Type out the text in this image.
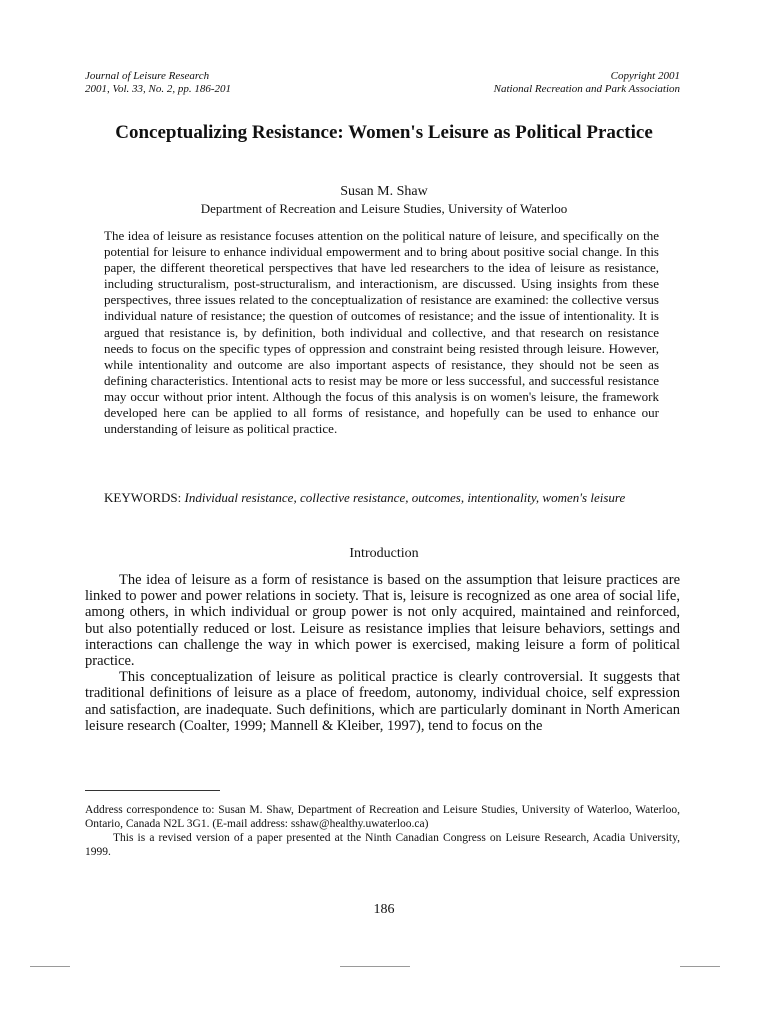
Journal of Leisure Research
2001, Vol. 33, No. 2, pp. 186-201
Copyright 2001
National Recreation and Park Association
Conceptualizing Resistance: Women's Leisure as Political Practice
Susan M. Shaw
Department of Recreation and Leisure Studies, University of Waterloo

The idea of leisure as resistance focuses attention on the political nature of leisure, and specifically on the potential for leisure to enhance individual empowerment and to bring about positive social change. In this paper, the different theoretical perspectives that have led researchers to the idea of leisure as resistance, including structuralism, post-structuralism, and interactionism, are discussed. Using insights from these perspectives, three issues related to the conceptualization of resistance are examined: the collective versus individual nature of resistance; the question of outcomes of resistance; and the issue of intentionality. It is argued that resistance is, by definition, both individual and collective, and that research on resistance needs to focus on the specific types of oppression and constraint being resisted through leisure. However, while intentionality and outcome are also important aspects of resistance, they should not be seen as defining characteristics. Intentional acts to resist may be more or less successful, and successful resistance may occur without prior intent. Although the focus of this analysis is on women's leisure, the framework developed here can be applied to all forms of resistance, and hopefully can be used to enhance our understanding of leisure as political practice.

KEYWORDS: Individual resistance, collective resistance, outcomes, intentionality, women's leisure

Introduction

The idea of leisure as a form of resistance is based on the assumption that leisure practices are linked to power and power relations in society. That is, leisure is recognized as one area of social life, among others, in which individual or group power is not only acquired, maintained and reinforced, but also potentially reduced or lost. Leisure as resistance implies that leisure behaviors, settings and interactions can challenge the way in which power is exercised, making leisure a form of political practice.

This conceptualization of leisure as political practice is clearly controversial. It suggests that traditional definitions of leisure as a place of freedom, autonomy, individual choice, self expression and satisfaction, are inadequate. Such definitions, which are particularly dominant in North American leisure research (Coalter, 1999; Mannell & Kleiber, 1997), tend to focus on the

Address correspondence to: Susan M. Shaw, Department of Recreation and Leisure Studies, University of Waterloo, Waterloo, Ontario, Canada N2L 3G1. (E-mail address: sshaw@healthy.uwaterloo.ca)

This is a revised version of a paper presented at the Ninth Canadian Congress on Leisure Research, Acadia University, 1999.

186
